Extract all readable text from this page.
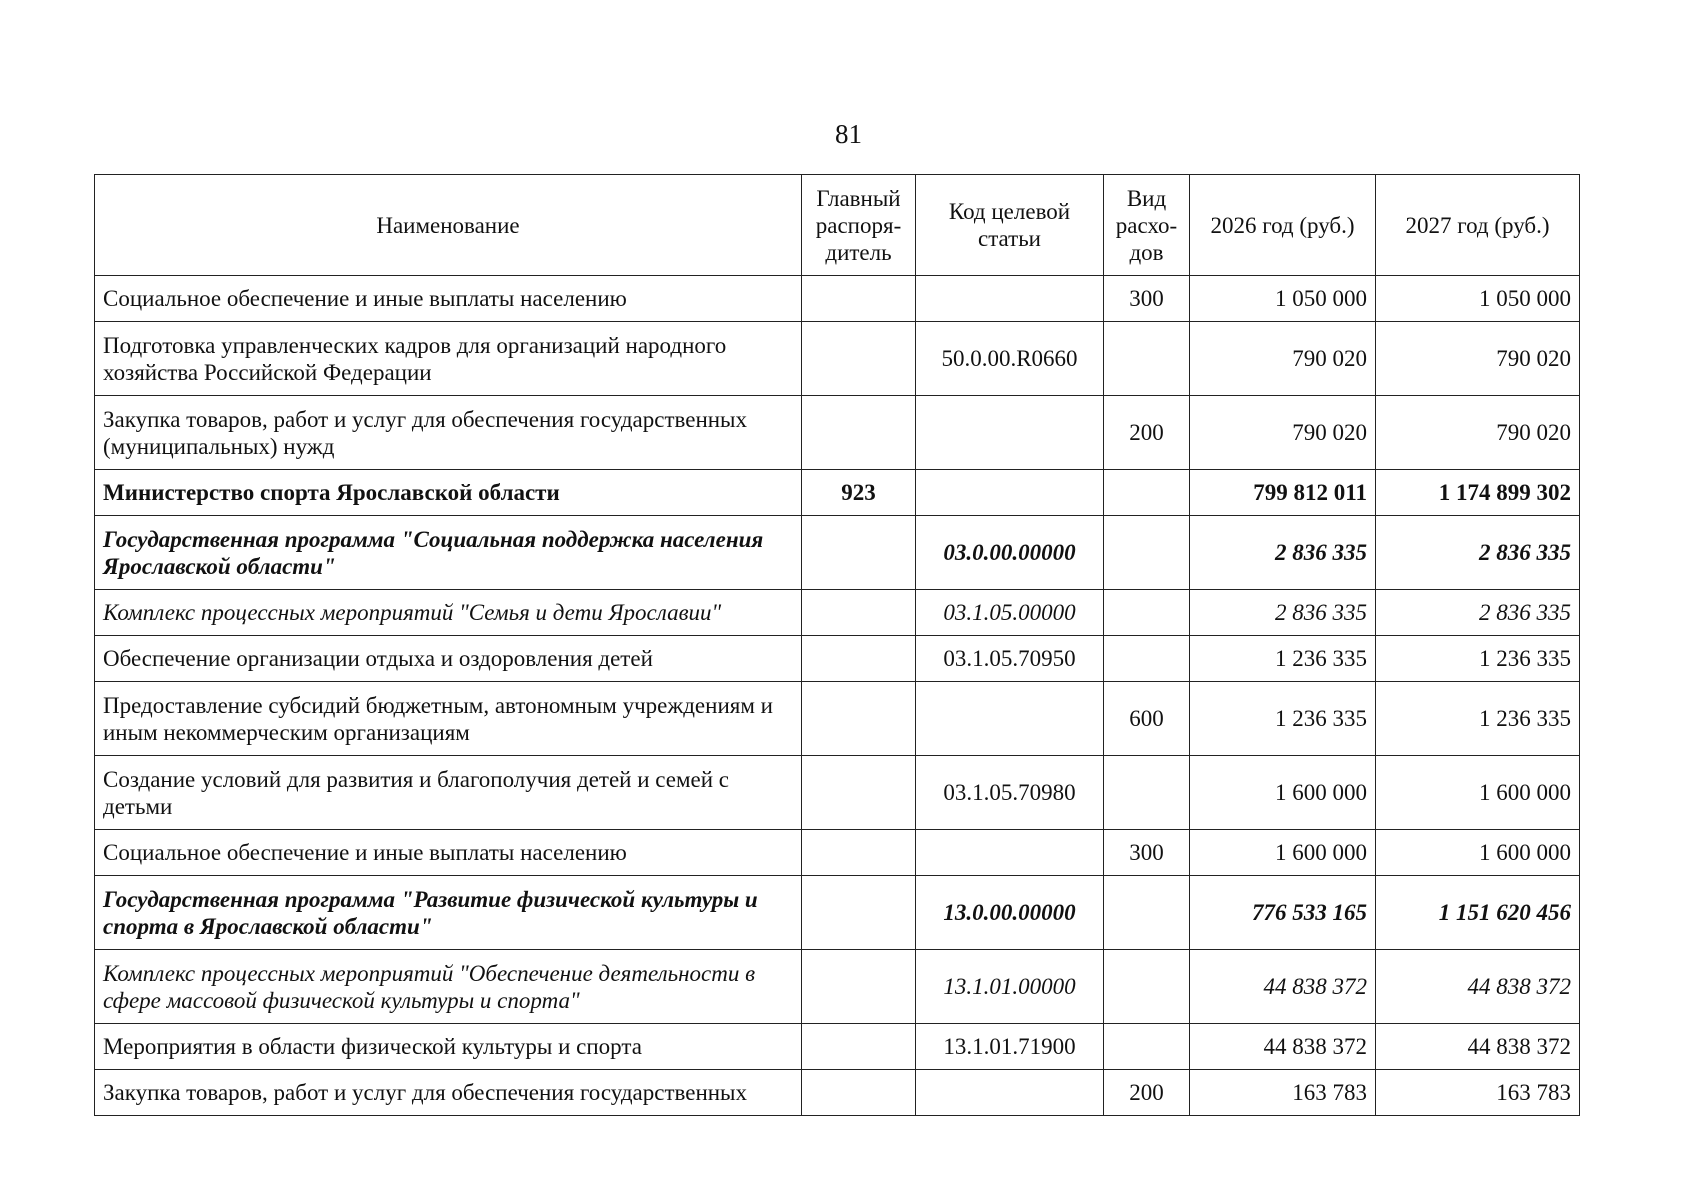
81
Наименование	Главный распоря-дитель	Код целевой статьи	Вид расхо-дов	2026 год (руб.)	2027 год (руб.)
Социальное обеспечение и иные выплаты населению			300	1 050 000	1 050 000
Подготовка управленческих кадров для организаций народного хозяйства Российской Федерации		50.0.00.R0660		790 020	790 020
Закупка товаров, работ и услуг для обеспечения государственных (муниципальных) нужд			200	790 020	790 020
Министерство спорта Ярославской области	923			799 812 011	1 174 899 302
Государственная программа "Социальная поддержка населения Ярославской области"		03.0.00.00000		2 836 335	2 836 335
Комплекс процессных мероприятий "Семья и дети Ярославии"		03.1.05.00000		2 836 335	2 836 335
Обеспечение организации отдыха и оздоровления детей		03.1.05.70950		1 236 335	1 236 335
Предоставление субсидий бюджетным, автономным учреждениям и иным некоммерческим организациям			600	1 236 335	1 236 335
Создание условий для развития и благополучия детей и семей с детьми		03.1.05.70980		1 600 000	1 600 000
Социальное обеспечение и иные выплаты населению			300	1 600 000	1 600 000
Государственная программа "Развитие физической культуры и спорта в Ярославской области"		13.0.00.00000		776 533 165	1 151 620 456
Комплекс процессных мероприятий "Обеспечение деятельности в сфере массовой физической культуры и спорта"		13.1.01.00000		44 838 372	44 838 372
Мероприятия в области физической культуры и спорта		13.1.01.71900		44 838 372	44 838 372
Закупка товаров, работ и услуг для обеспечения государственных			200	163 783	163 783
